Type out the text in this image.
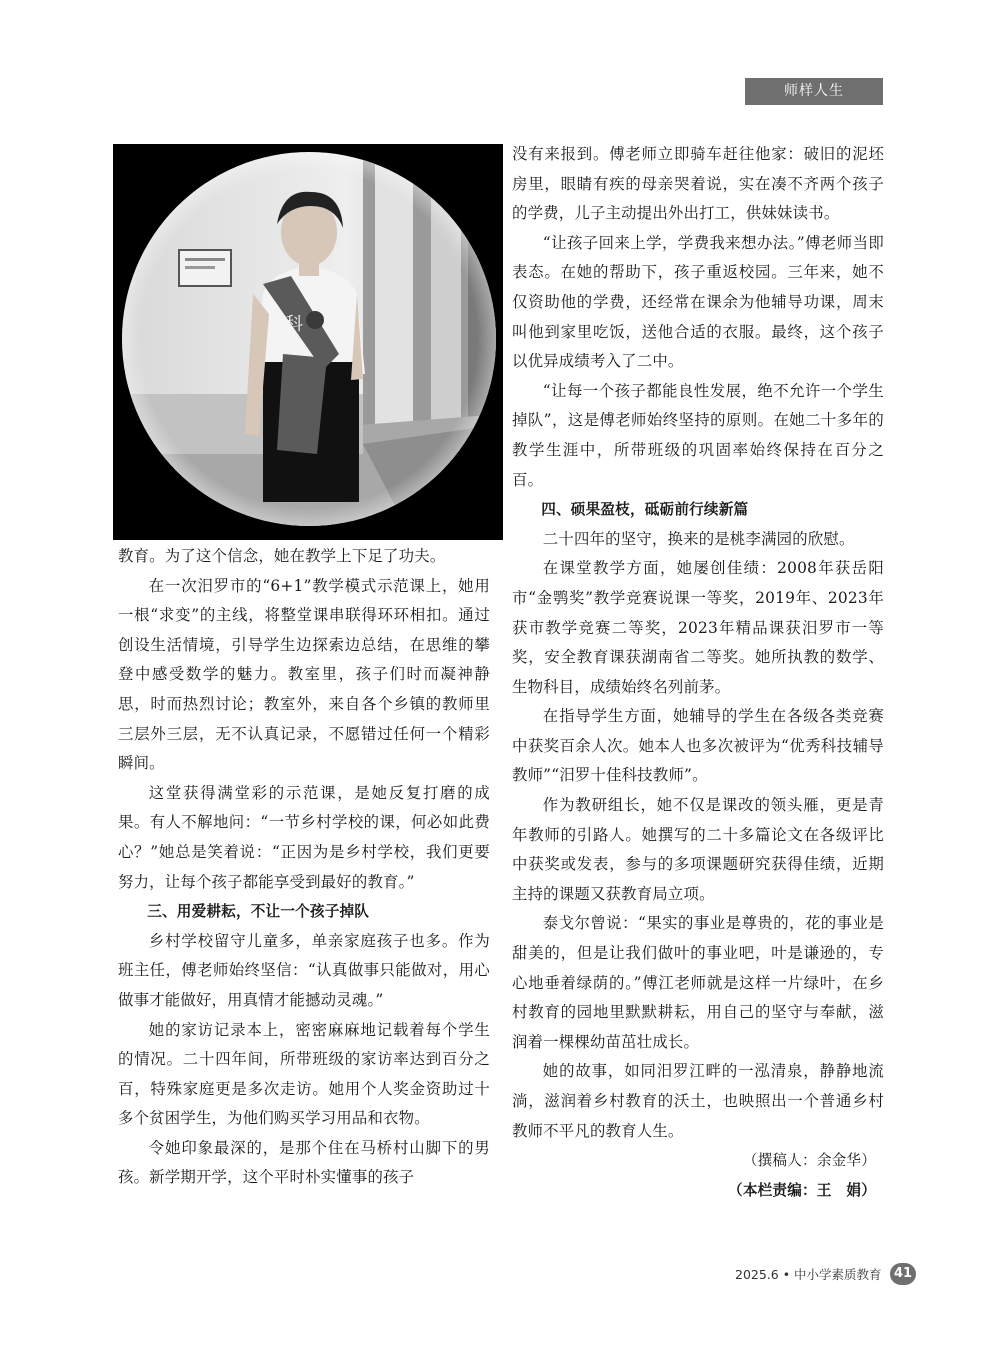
师样人生

教育。为了这个信念，她在教学上下足了功夫。

在一次汨罗市的“6+1”教学模式示范课上，她用一根“求变”的主线，将整堂课串联得环环相扣。通过创设生活情境，引导学生边探索边总结，在思维的攀登中感受数学的魅力。教室里，孩子们时而凝神静思，时而热烈讨论；教室外，来自各个乡镇的教师里三层外三层，无不认真记录，不愿错过任何一个精彩瞬间。

这堂获得满堂彩的示范课，是她反复打磨的成果。有人不解地问：“一节乡村学校的课，何必如此费心？”她总是笑着说：“正因为是乡村学校，我们更要努力，让每个孩子都能享受到最好的教育。”

三、用爱耕耘，不让一个孩子掉队

乡村学校留守儿童多，单亲家庭孩子也多。作为班主任，傅老师始终坚信：“认真做事只能做对，用心做事才能做好，用真情才能撼动灵魂。”

她的家访记录本上，密密麻麻地记载着每个学生的情况。二十四年间，所带班级的家访率达到百分之百，特殊家庭更是多次走访。她用个人奖金资助过十多个贫困学生，为他们购买学习用品和衣物。

令她印象最深的，是那个住在马桥村山脚下的男孩。新学期开学，这个平时朴实懂事的孩子

没有来报到。傅老师立即骑车赶往他家：破旧的泥坯房里，眼睛有疾的母亲哭着说，实在凑不齐两个孩子的学费，儿子主动提出外出打工，供妹妹读书。

“让孩子回来上学，学费我来想办法。”傅老师当即表态。在她的帮助下，孩子重返校园。三年来，她不仅资助他的学费，还经常在课余为他辅导功课，周末叫他到家里吃饭，送他合适的衣服。最终，这个孩子以优异成绩考入了二中。

“让每一个孩子都能良性发展，绝不允许一个学生掉队”，这是傅老师始终坚持的原则。在她二十多年的教学生涯中，所带班级的巩固率始终保持在百分之百。

四、硕果盈枝，砥砺前行续新篇

二十四年的坚守，换来的是桃李满园的欣慰。

在课堂教学方面，她屡创佳绩：2008年获岳阳市“金鹗奖”教学竞赛说课一等奖，2019年、2023年获市教学竞赛二等奖，2023年精品课获汨罗市一等奖，安全教育课获湖南省二等奖。她所执教的数学、生物科目，成绩始终名列前茅。

在指导学生方面，她辅导的学生在各级各类竞赛中获奖百余人次。她本人也多次被评为“优秀科技辅导教师”“汨罗十佳科技教师”。

作为教研组长，她不仅是课改的领头雁，更是青年教师的引路人。她撰写的二十多篇论文在各级评比中获奖或发表，参与的多项课题研究获得佳绩，近期主持的课题又获教育局立项。

泰戈尔曾说：“果实的事业是尊贵的，花的事业是甜美的，但是让我们做叶的事业吧，叶是谦逊的，专心地垂着绿荫的。”傅江老师就是这样一片绿叶，在乡村教育的园地里默默耕耘，用自己的坚守与奉献，滋润着一棵棵幼苗茁壮成长。

她的故事，如同汨罗江畔的一泓清泉，静静地流淌，滋润着乡村教育的沃土，也映照出一个普通乡村教师不平凡的教育人生。

（撰稿人：余金华）

（本栏责编：王　娟）

2025.6 • 中小学素质教育 41
